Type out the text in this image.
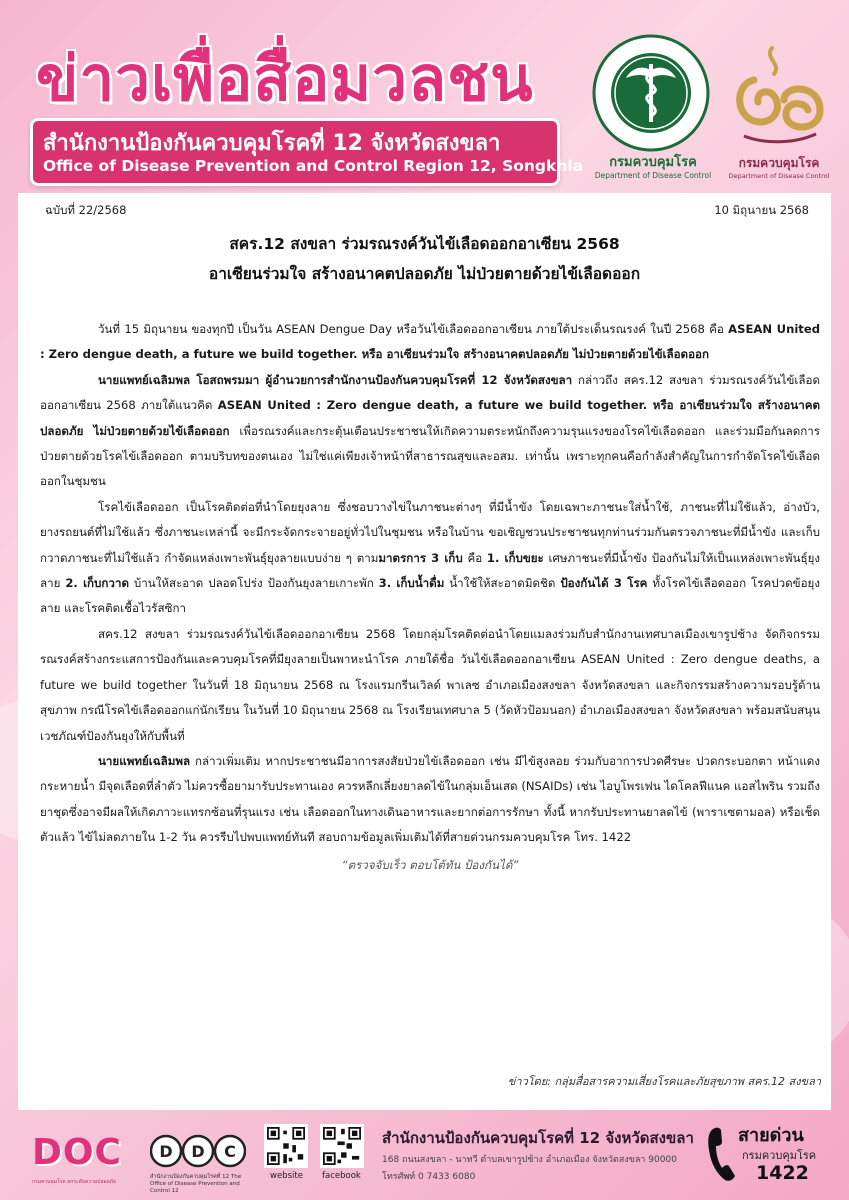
ข่าวเพื่อสื่อมวลชน
สำนักงานป้องกันควบคุมโรคที่ 12 จังหวัดสงขลา
Office of Disease Prevention and Control Region 12, Songkhla	กรมควบคุมโรค
Department of Disease Control
กรมควบคุมโรค
Department of Disease Control
ฉบับที่ 22/2568	10 มิถุนายน 2568
สคร.12 สงขลา ร่วมรณรงค์วันไข้เลือดออกอาเซียน 2568
อาเซียนร่วมใจ สร้างอนาคตปลอดภัย ไม่ป่วยตายด้วยไข้เลือดออก

วันที่ 15 มิถุนายน ของทุกปี เป็นวัน ASEAN Dengue Day หรือวันไข้เลือดออกอาเซียน ภายใต้ประเด็นรณรงค์ ในปี 2568 คือ ASEAN United : Zero dengue death, a future we build together. หรือ อาเซียนร่วมใจ สร้างอนาคตปลอดภัย ไม่ป่วยตายด้วยไข้เลือดออก

นายแพทย์เฉลิมพล โอสถพรมมา ผู้อำนวยการสำนักงานป้องกันควบคุมโรคที่ 12 จังหวัดสงขลา กล่าวถึง สคร.12 สงขลา ร่วมรณรงค์วันไข้เลือดออกอาเซียน 2568 ภายใต้แนวคิด ASEAN United : Zero dengue death, a future we build together. หรือ อาเซียนร่วมใจ สร้างอนาคตปลอดภัย ไม่ป่วยตายด้วยไข้เลือดออก เพื่อรณรงค์และกระตุ้นเตือนประชาชนให้เกิดความตระหนักถึงความรุนแรงของโรคไข้เลือดออก และร่วมมือกันลดการป่วยตายด้วยโรคไข้เลือดออก ตามบริบทของตนเอง ไม่ใช่แค่เพียงเจ้าหน้าที่สาธารณสุขและอสม. เท่านั้น เพราะทุกคนคือกำลังสำคัญในการกำจัดโรคไข้เลือดออกในชุมชน

โรคไข้เลือดออก เป็นโรคติดต่อที่นำโดยยุงลาย ซึ่งชอบวางไข่ในภาชนะต่างๆ ที่มีน้ำขัง โดยเฉพาะภาชนะใส่น้ำใช้, ภาชนะที่ไม่ใช้แล้ว, อ่างบัว, ยางรถยนต์ที่ไม่ใช้แล้ว ซึ่งภาชนะเหล่านี้ จะมีกระจัดกระจายอยู่ทั่วไปในชุมชน หรือในบ้าน ขอเชิญชวนประชาชนทุกท่านร่วมกันตรวจภาชนะที่มีน้ำขัง และเก็บกวาดภาชนะที่ไม่ใช้แล้ว กำจัดแหล่งเพาะพันธุ์ยุงลายแบบง่าย ๆ ตามมาตรการ 3 เก็บ คือ 1. เก็บขยะ เศษภาชนะที่มีน้ำขัง ป้องกันไม่ให้เป็นแหล่งเพาะพันธุ์ยุงลาย 2. เก็บกวาด บ้านให้สะอาด ปลอดโปร่ง ป้องกันยุงลายเกาะพัก 3. เก็บน้ำดื่ม น้ำใช้ให้สะอาดมิดชิด ป้องกันได้ 3 โรค ทั้งโรคไข้เลือดออก โรคปวดข้อยุงลาย และโรคติดเชื้อไวรัสซิกา

สคร.12 สงขลา ร่วมรณรงค์วันไข้เลือดออกอาเซียน 2568 โดยกลุ่มโรคติดต่อนำโดยแมลงร่วมกับสำนักงานเทศบาลเมืองเขารูปช้าง จัดกิจกรรมรณรงค์สร้างกระแสการป้องกันและควบคุมโรคที่มียุงลายเป็นพาหะนำโรค ภายใต้ชื่อ วันไข้เลือดออกอาเซียน ASEAN United : Zero dengue deaths, a future we build together ในวันที่ 18 มิถุนายน 2568 ณ โรงแรมกรีนเวิลด์ พาเลซ อำเภอเมืองสงขลา จังหวัดสงขลา และกิจกรรมสร้างความรอบรู้ด้านสุขภาพ กรณีโรคไข้เลือดออกแก่นักเรียน ในวันที่ 10 มิถุนายน 2568 ณ โรงเรียนเทศบาล 5 (วัดหัวป้อมนอก) อำเภอเมืองสงขลา จังหวัดสงขลา พร้อมสนับสนุนเวชภัณฑ์ป้องกันยุงให้กับพื้นที่

นายแพทย์เฉลิมพล กล่าวเพิ่มเติม หากประชาชนมีอาการสงสัยป่วยไข้เลือดออก เช่น มีไข้สูงลอย ร่วมกับอาการปวดศีรษะ ปวดกระบอกตา หน้าแดง กระหายน้ำ มีจุดเลือดที่ลำตัว ไม่ควรซื้อยามารับประทานเอง ควรหลีกเลี่ยงยาลดไข้ในกลุ่มเอ็นเสด (NSAIDs) เช่น ไอบูโพรเฟน ไดโคลฟีแนค แอสไพริน รวมถึงยาชุดซึ่งอาจมีผลให้เกิดภาวะแทรกซ้อนที่รุนแรง เช่น เลือดออกในทางเดินอาหารและยากต่อการรักษา ทั้งนี้ หากรับประทานยาลดไข้ (พาราเซตามอล) หรือเช็ดตัวแล้ว ไข้ไม่ลดภายใน 1-2 วัน ควรรีบไปพบแพทย์ทันที สอบถามข้อมูลเพิ่มเติมได้ที่สายด่วนกรมควบคุมโรค โทร. 1422

“ตรวจจับเร็ว ตอบโต้ทัน ป้องกันได้”

ข่าวโดย: กลุ่มสื่อสารความเสี่ยงโรคและภัยสุขภาพ สคร.12 สงขลา
DOC
กรมควบคุมโรค ยกระดับความปลอดภัย
D D C
สำนักงานป้องกันควบคุมโรคที่ 12 The Office of Disease Prevention and Control 12
website facebook
สำนักงานป้องกันควบคุมโรคที่ 12 จังหวัดสงขลา
168 ถนนสงขลา - นาทวี ตำบลเขารูปช้าง อำเภอเมือง จังหวัดสงขลา 90000
โทรศัพท์ 0 7433 6080
สายด่วน
กรมควบคุมโรค
1422
